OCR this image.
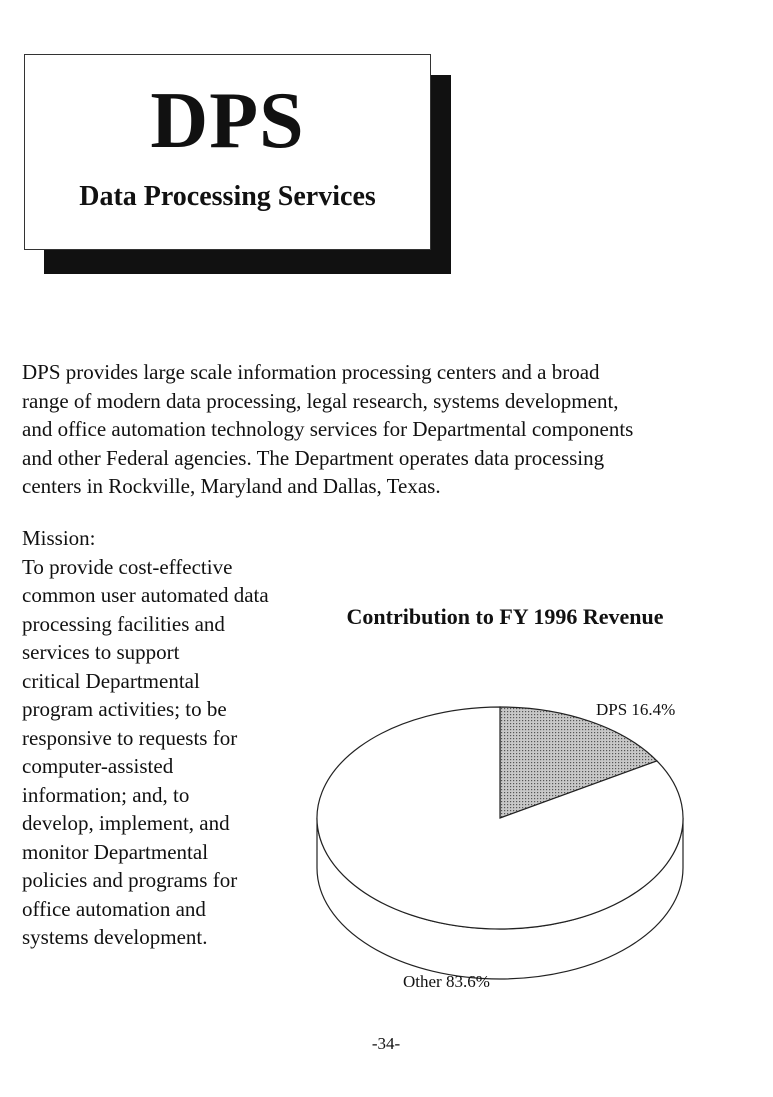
DPS
Data Processing Services
DPS provides large scale information processing centers and a broad
range of modern data processing, legal research, systems development,
and office automation technology services for Departmental components
and other Federal agencies. The Department operates data processing
centers in Rockville, Maryland and Dallas, Texas.
Mission:
To provide cost-effective
common user automated data
processing facilities and
services to support
critical Departmental
program activities; to be
responsive to requests for
computer-assisted
information; and, to
develop, implement, and
monitor Departmental
policies and programs for
office automation and
systems development.
Contribution to FY 1996 Revenue
DPS 16.4%
Other 83.6%
-34-
